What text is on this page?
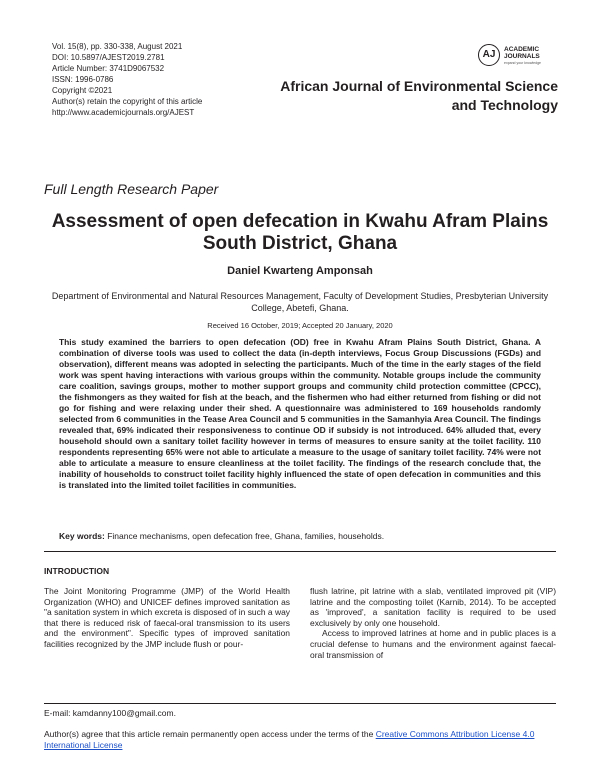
Vol. 15(8), pp. 330-338, August 2021
DOI: 10.5897/AJEST2019.2781
Article Number: 3741D9067532
ISSN: 1996-0786
Copyright ©2021
Author(s) retain the copyright of this article
http://www.academicjournals.org/AJEST
AJ	ACADEMIC
JOURNALS
expand your knowledge
African Journal of Environmental Science and Technology
Full Length Research Paper
Assessment of open defecation in Kwahu Afram Plains South District, Ghana
Daniel Kwarteng Amponsah
Department of Environmental and Natural Resources Management, Faculty of Development Studies, Presbyterian University College, Abetefi, Ghana.
Received 16 October, 2019; Accepted 20 January, 2020
This study examined the barriers to open defecation (OD) free in Kwahu Afram Plains South District, Ghana. A combination of diverse tools was used to collect the data (in-depth interviews, Focus Group Discussions (FGDs) and observation), different means was adopted in selecting the participants. Much of the time in the early stages of the field work was spent having interactions with various groups within the community. Notable groups include the community care coalition, savings groups, mother to mother support groups and community child protection committee (CPCC), the fishmongers as they waited for fish at the beach, and the fishermen who had either returned from fishing or did not go for fishing and were relaxing under their shed. A questionnaire was administered to 169 households randomly selected from 6 communities in the Tease Area Council and 5 communities in the Samanhyia Area Council. The findings revealed that, 69% indicated their responsiveness to continue OD if subsidy is not introduced. 64% alluded that, every household should own a sanitary toilet facility however in terms of measures to ensure sanity at the toilet facility. 110 respondents representing 65% were not able to articulate a measure to the usage of sanitary toilet facility. 74% were not able to articulate a measure to ensure cleanliness at the toilet facility. The findings of the research conclude that, the inability of households to construct toilet facility highly influenced the state of open defecation in communities and this is translated into the limited toilet facilities in communities.
Key words: Finance mechanisms, open defecation free, Ghana, families, households.
INTRODUCTION

The Joint Monitoring Programme (JMP) of the World Health Organization (WHO) and UNICEF defines improved sanitation as "a sanitation system in which excreta is disposed of in such a way that there is reduced risk of faecal-oral transmission to its users and the environment". Specific types of improved sanitation facilities recognized by the JMP include flush or pour-

flush latrine, pit latrine with a slab, ventilated improved pit (VIP) latrine and the composting toilet (Karnib, 2014). To be accepted as 'improved', a sanitation facility is required to be used exclusively by only one household.

Access to improved latrines at home and in public places is a crucial defense to humans and the environment against faecal-oral transmission of

E-mail: kamdanny100@gmail.com.
Author(s) agree that this article remain permanently open access under the terms of the Creative Commons Attribution License 4.0 International License
